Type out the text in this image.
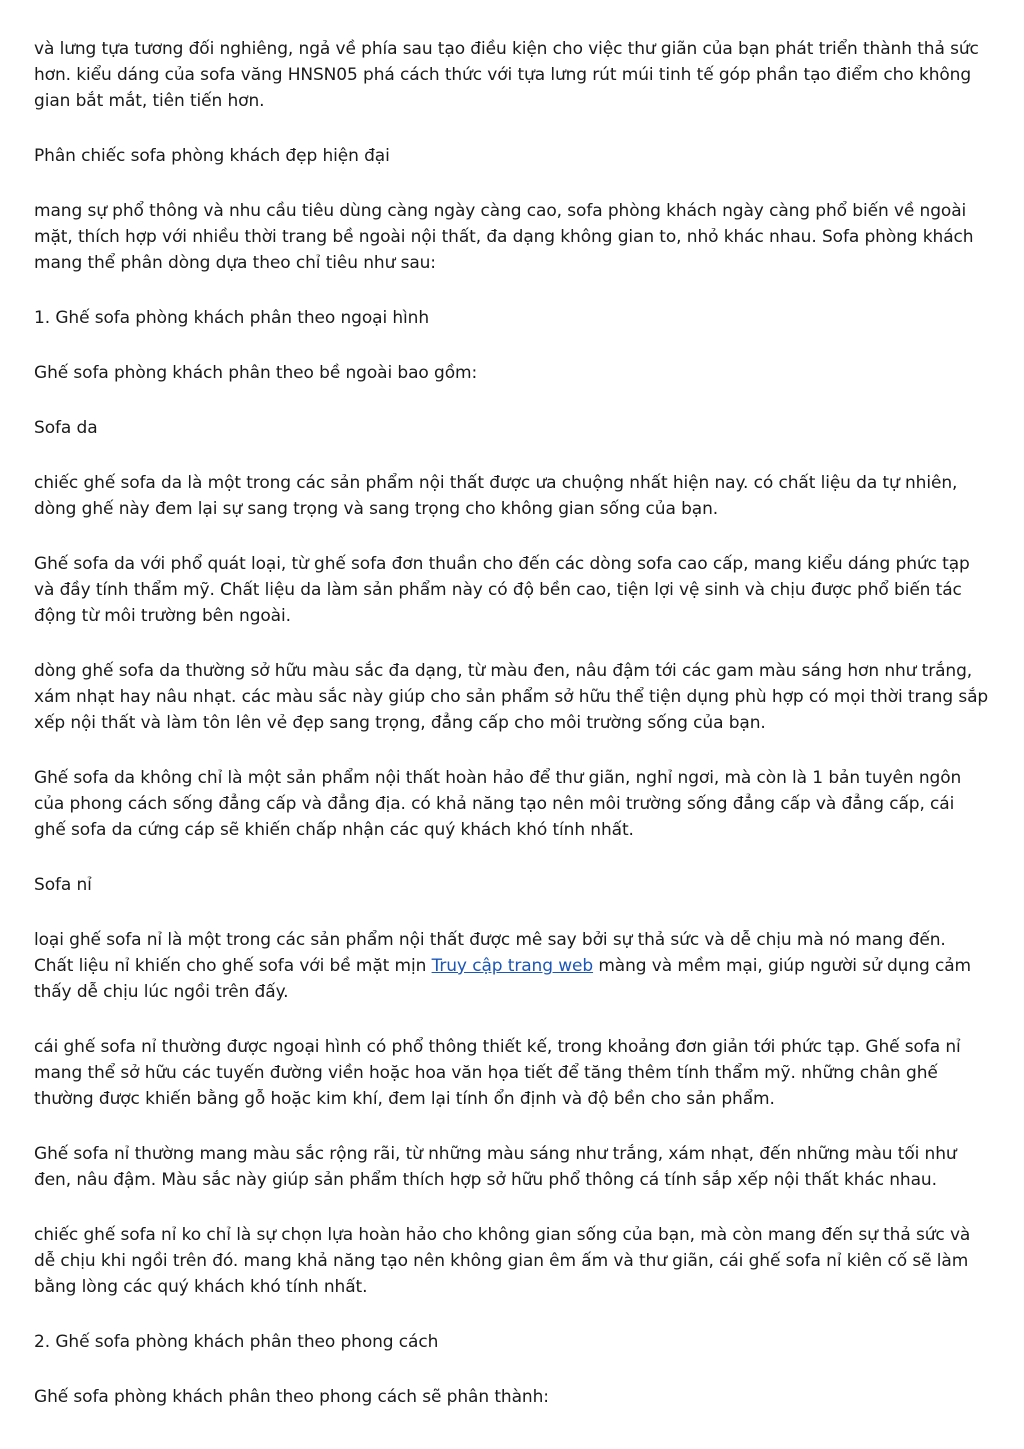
và lưng tựa tương đối nghiêng, ngả về phía sau tạo điều kiện cho việc thư giãn của bạn phát triển thành thả sức hơn. kiểu dáng của sofa văng HNSN05 phá cách thức với tựa lưng rút múi tinh tế góp phần tạo điểm cho không gian bắt mắt, tiên tiến hơn.

Phân chiếc sofa phòng khách đẹp hiện đại

mang sự phổ thông và nhu cầu tiêu dùng càng ngày càng cao, sofa phòng khách ngày càng phổ biến về ngoài mặt, thích hợp với nhiều thời trang bề ngoài nội thất, đa dạng không gian to, nhỏ khác nhau. Sofa phòng khách mang thể phân dòng dựa theo chỉ tiêu như sau:

1. Ghế sofa phòng khách phân theo ngoại hình

Ghế sofa phòng khách phân theo bề ngoài bao gồm:

Sofa da

chiếc ghế sofa da là một trong các sản phẩm nội thất được ưa chuộng nhất hiện nay. có chất liệu da tự nhiên, dòng ghế này đem lại sự sang trọng và sang trọng cho không gian sống của bạn.

Ghế sofa da với phổ quát loại, từ ghế sofa đơn thuần cho đến các dòng sofa cao cấp, mang kiểu dáng phức tạp và đầy tính thẩm mỹ. Chất liệu da làm sản phẩm này có độ bền cao, tiện lợi vệ sinh và chịu được phổ biến tác động từ môi trường bên ngoài.

dòng ghế sofa da thường sở hữu màu sắc đa dạng, từ màu đen, nâu đậm tới các gam màu sáng hơn như trắng, xám nhạt hay nâu nhạt. các màu sắc này giúp cho sản phẩm sở hữu thể tiện dụng phù hợp có mọi thời trang sắp xếp nội thất và làm tôn lên vẻ đẹp sang trọng, đẳng cấp cho môi trường sống của bạn.

Ghế sofa da không chỉ là một sản phẩm nội thất hoàn hảo để thư giãn, nghỉ ngơi, mà còn là 1 bản tuyên ngôn của phong cách sống đẳng cấp và đẳng địa. có khả năng tạo nên môi trường sống đẳng cấp và đẳng cấp, cái ghế sofa da cứng cáp sẽ khiến chấp nhận các quý khách khó tính nhất.

Sofa nỉ

loại ghế sofa nỉ là một trong các sản phẩm nội thất được mê say bởi sự thả sức và dễ chịu mà nó mang đến. Chất liệu nỉ khiến cho ghế sofa với bề mặt mịn Truy cập trang web màng và mềm mại, giúp người sử dụng cảm thấy dễ chịu lúc ngồi trên đấy.

cái ghế sofa nỉ thường được ngoại hình có phổ thông thiết kế, trong khoảng đơn giản tới phức tạp. Ghế sofa nỉ mang thể sở hữu các tuyến đường viền hoặc hoa văn họa tiết để tăng thêm tính thẩm mỹ. những chân ghế thường được khiến bằng gỗ hoặc kim khí, đem lại tính ổn định và độ bền cho sản phẩm.

Ghế sofa nỉ thường mang màu sắc rộng rãi, từ những màu sáng như trắng, xám nhạt, đến những màu tối như đen, nâu đậm. Màu sắc này giúp sản phẩm thích hợp sở hữu phổ thông cá tính sắp xếp nội thất khác nhau.

chiếc ghế sofa nỉ ko chỉ là sự chọn lựa hoàn hảo cho không gian sống của bạn, mà còn mang đến sự thả sức và dễ chịu khi ngồi trên đó. mang khả năng tạo nên không gian êm ấm và thư giãn, cái ghế sofa nỉ kiên cố sẽ làm bằng lòng các quý khách khó tính nhất.

2. Ghế sofa phòng khách phân theo phong cách

Ghế sofa phòng khách phân theo phong cách sẽ phân thành:
